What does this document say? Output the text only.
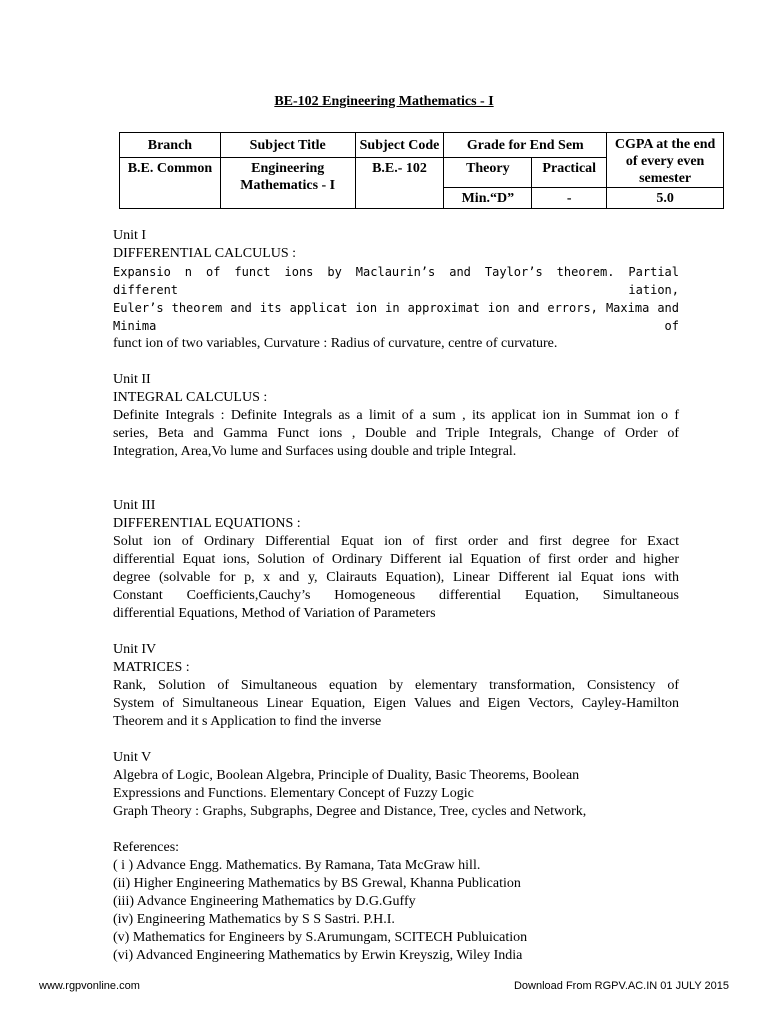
BE-102 Engineering Mathematics - I
Branch	Subject Title	Subject Code	Grade for End Sem		CGPA at the end of every even semester
B.E. Common	Engineering Mathematics - I	B.E.- 102	Theory	Practical	
			Min.“D”	-	5.0

Unit I

DIFFERENTIAL CALCULUS :

Expansio n of funct ions by Maclaurin’s and Taylor’s theorem. Partial different iation,

Euler’s theorem and its applicat ion in approximat ion and errors, Maxima and Minima of

funct ion of two variables, Curvature : Radius of curvature, centre of curvature.

Unit II

INTEGRAL CALCULUS :

Definite Integrals : Definite Integrals as a limit of a sum , its applicat ion in Summat ion o f

series, Beta and Gamma Funct ions , Double and Triple Integrals, Change of Order of

Integration, Area,Vo lume and Surfaces using double and triple Integral.

Unit III

DIFFERENTIAL EQUATIONS :

Solut ion of Ordinary Differential Equat ion of first order and first degree for Exact

differential Equat ions, Solution of Ordinary Different ial Equation of first order and higher

degree (solvable for p, x and y, Clairauts Equation), Linear Different ial Equat ions with

Constant Coefficients,Cauchy’s Homogeneous differential Equation, Simultaneous

differential Equations, Method of Variation of Parameters

Unit IV

MATRICES :

Rank, Solution of Simultaneous equation by elementary transformation, Consistency of

System of Simultaneous Linear Equation, Eigen Values and Eigen Vectors, Cayley-Hamilton

Theorem and it s Application to find the inverse

Unit V

Algebra of Logic, Boolean Algebra, Principle of Duality, Basic Theorems, Boolean

Expressions and Functions. Elementary Concept of Fuzzy Logic

Graph Theory : Graphs, Subgraphs, Degree and Distance, Tree, cycles and Network,

References:

( i ) Advance Engg. Mathematics. By Ramana, Tata McGraw hill.

(ii) Higher Engineering Mathematics by BS Grewal, Khanna Publication

(iii) Advance Engineering Mathematics by D.G.Guffy

(iv) Engineering Mathematics by S S Sastri. P.H.I.

(v) Mathematics for Engineers by S.Arumungam, SCITECH Publuication

(vi) Advanced Engineering Mathematics by Erwin Kreyszig, Wiley India

www.rgpvonline.com	Download From RGPV.AC.IN 01 JULY 2015
